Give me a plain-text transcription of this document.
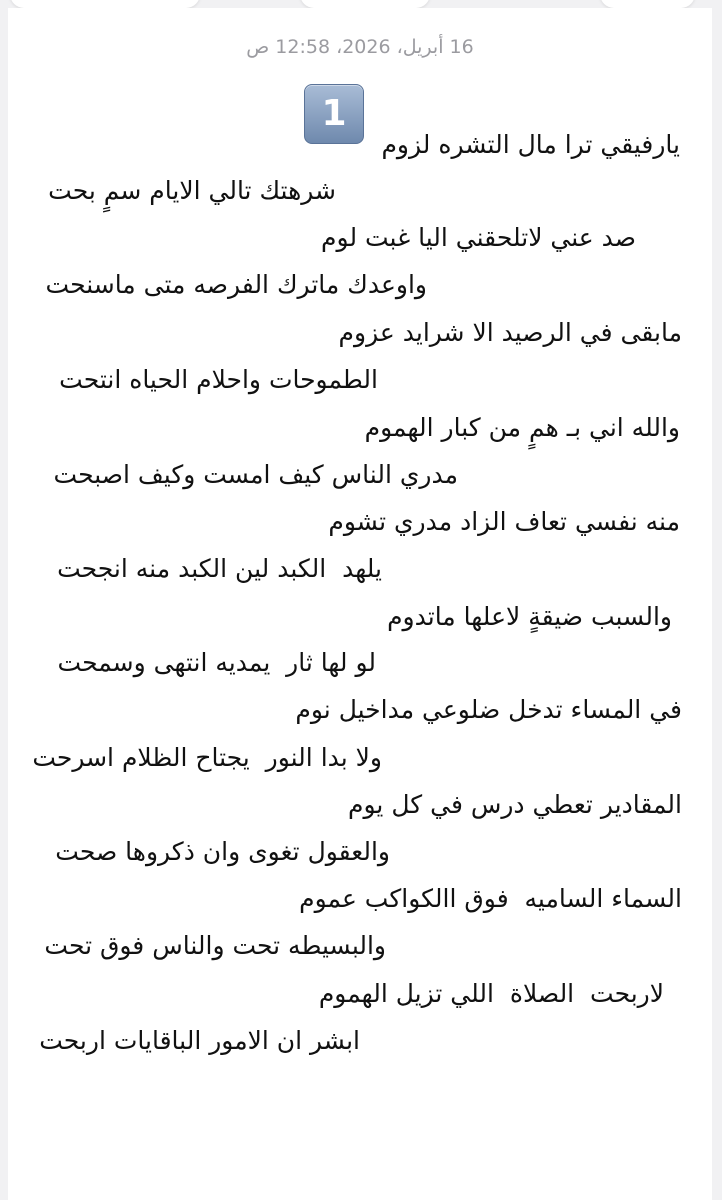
16 أبريل، 2026، 12:58 ص
1
يارفيقي ترا مال التشره لزوم
شرهتك تالي الايام سمٍ بحت
صد عني لاتلحقني اليا غبت لوم
واوعدك ماترك الفرصه متى ماسنحت
مابقى في الرصيد الا شرايد عزوم
الطموحات واحلام الحياه انتحت
والله اني بـ همٍ من كبار الهموم
مدري الناس كيف امست وكيف اصبحت
منه نفسي تعاف الزاد مدري تشوم
يلهد  الكبد لين الكبد منه انجحت
والسبب ضيقةٍ لاعلها ماتدوم
لو لها ثار  يمديه انتهى وسمحت
في المساء تدخل ضلوعي مداخيل نوم
ولا بدا النور  يجتاح الظلام اسرحت
المقادير تعطي درس في كل يوم
والعقول تغوى وان ذكروها صحت
السماء الساميه  فوق االكواكب عموم
والبسيطه تحت والناس فوق تحت
لاربحت  الصلاة  اللي تزيل الهموم
ابشر ان الامور الباقايات اربحت
